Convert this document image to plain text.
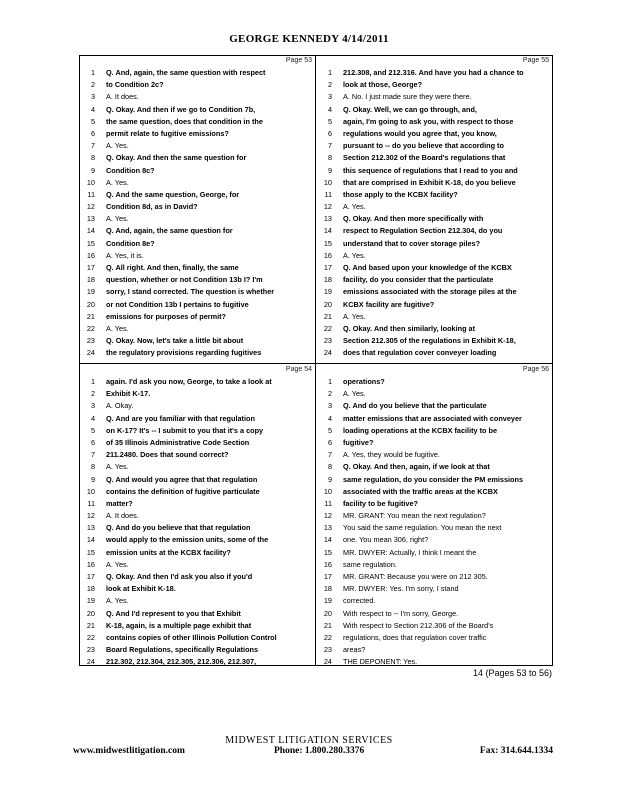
GEORGE KENNEDY 4/14/2011
Page 53
1 Q. And, again, the same question with respect
2 to Condition 2c?
3 A. It does.
4 Q. Okay. And then if we go to Condition 7b,
5 the same question, does that condition in the
6 permit relate to fugitive emissions?
7 A. Yes.
8 Q. Okay. And then the same question for
9 Condition 8c?
10 A. Yes.
11 Q. And the same question, George, for
12 Condition 8d, as in David?
13 A. Yes.
14 Q. And, again, the same question for
15 Condition 8e?
16 A. Yes, it is.
17 Q. All right. And then, finally, the same
18 question, whether or not Condition 13b I? I'm
19 sorry, I stand corrected. The question is whether
20 or not Condition 13b I pertains to fugitive
21 emissions for purposes of permit?
22 A. Yes.
23 Q. Okay. Now, let's take a little bit about
24 the regulatory provisions regarding fugitives
Page 55
1 212.308, and 212.316. And have you had a chance to
2 look at those, George?
3 A. No. I just made sure they were there.
4 Q. Okay. Well, we can go through, and,
5 again, I'm going to ask you, with respect to those
6 regulations would you agree that, you know,
7 pursuant to -- do you believe that according to
8 Section 212.302 of the Board's regulations that
9 this sequence of regulations that I read to you and
10 that are comprised in Exhibit K-18, do you believe
11 those apply to the KCBX facility?
12 A. Yes.
13 Q. Okay. And then more specifically with
14 respect to Regulation Section 212.304, do you
15 understand that to cover storage piles?
16 A. Yes.
17 Q. And based upon your knowledge of the KCBX
18 facility, do you consider that the particulate
19 emissions associated with the storage piles at the
20 KCBX facility are fugitive?
21 A. Yes.
22 Q. Okay. And then similarly, looking at
23 Section 212.305 of the regulations in Exhibit K-18,
24 does that regulation cover conveyer loading
Page 54
1 again. I'd ask you now, George, to take a look at
2 Exhibit K-17.
3 A. Okay.
4 Q. And are you familiar with that regulation
5 on K-17? It's -- I submit to you that it's a copy
6 of 35 Illinois Administrative Code Section
7 211.2480. Does that sound correct?
8 A. Yes.
9 Q. And would you agree that that regulation
10 contains the definition of fugitive particulate
11 matter?
12 A. It does.
13 Q. And do you believe that that regulation
14 would apply to the emission units, some of the
15 emission units at the KCBX facility?
16 A. Yes.
17 Q. Okay. And then I'd ask you also if you'd
18 look at Exhibit K-18.
19 A. Yes.
20 Q. And I'd represent to you that Exhibit
21 K-18, again, is a multiple page exhibit that
22 contains copies of other Illinois Pollution Control
23 Board Regulations, specifically Regulations
24 212.302, 212.304, 212.305, 212.306, 212.307,
Page 56
1 operations?
2 A. Yes.
3 Q. And do you believe that the particulate
4 matter emissions that are associated with conveyer
5 loading operations at the KCBX facility to be
6 fugitive?
7 A. Yes, they would be fugitive.
8 Q. Okay. And then, again, if we look at that
9 same regulation, do you consider the PM emissions
10 associated with the traffic areas at the KCBX
11 facility to be fugitive?
12 MR. GRANT: You mean the next regulation?
13 You said the same regulation. You mean the next
14 one. You mean 306, right?
15 MR. DWYER: Actually, I think I meant the
16 same regulation.
17 MR. GRANT: Because you were on 212 305.
18 MR. DWYER: Yes. I'm sorry, I stand
19 corrected.
20 With respect to -- I'm sorry, George.
21 With respect to Section 212.306 of the Board's
22 regulations, does that regulation cover traffic
23 areas?
24 THE DEPONENT: Yes.
14 (Pages 53 to 56)
MIDWEST LITIGATION SERVICES
www.midwestlitigation.com	Phone: 1.800.280.3376	Fax: 314.644.1334
